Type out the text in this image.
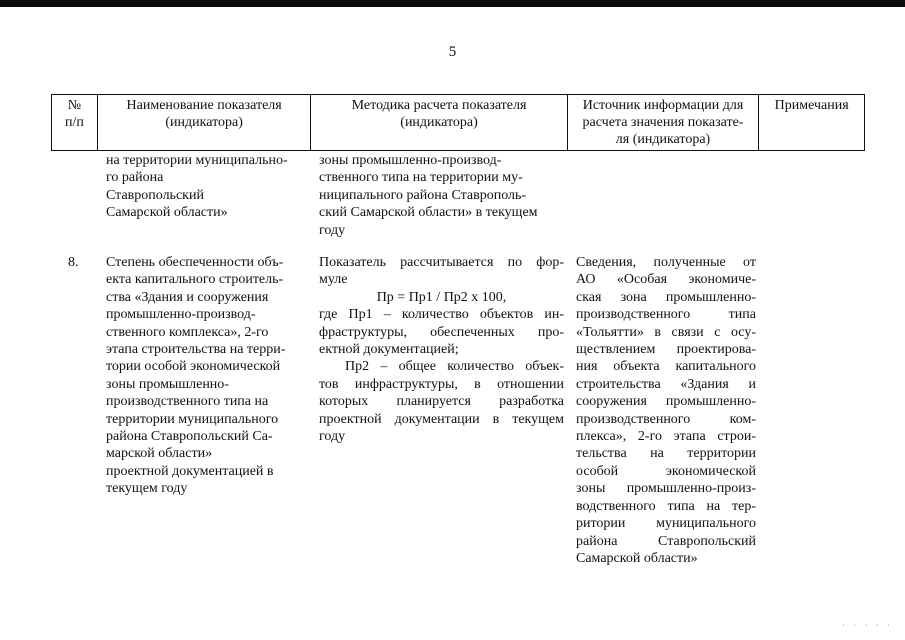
5
№
п/п
Наименование показателя
(индикатора)
Методика расчета показателя
(индикатора)
Источник информации для
расчета значения показате-
ля (индикатора)
Примечания
на территории муниципально-
го района
Ставропольский
Самарской области»
зоны промышленно-производ-
ственного типа на территории му-
ниципального района Ставрополь-
ский Самарской области» в текущем
году
8. Степень обеспеченности объ-
екта капитального строитель-
ства «Здания и сооружения
промышленно-производ-
ственного комплекса», 2-го
этапа строительства на терри-
тории особой экономической
зоны промышленно-
производственного типа на
территории муниципального
района Ставропольский Са-
марской области»
проектной документацией в
текущем году
Показатель рассчитывается по фор-
муле
Пр = Пр1 / Пр2 х 100,
где Пр1 – количество объектов ин-
фраструктуры, обеспеченных про-
ектной документацией;
Пр2 – общее количество объек-
тов инфраструктуры, в отношении
которых планируется разработка
проектной документации в текущем
году
Сведения, полученные от
АО «Особая экономиче-
ская зона промышленно-
производственного типа
«Тольятти» в связи с осу-
ществлением проектирова-
ния объекта капитального
строительства «Здания и
сооружения промышленно-
производственного ком-
плекса», 2-го этапа строи-
тельства на территории
особой экономической
зоны промышленно-произ-
водственного типа на тер-
ритории муниципального
района Ставропольский
Самарской области»
· · · · ·
